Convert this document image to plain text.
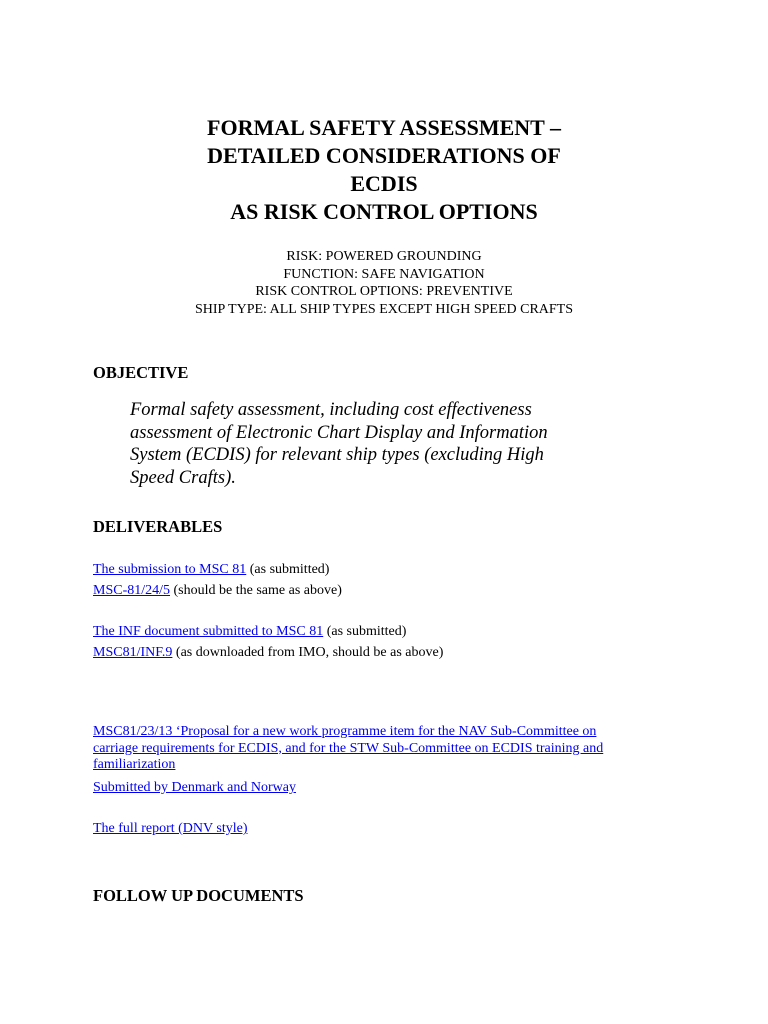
FORMAL SAFETY ASSESSMENT –
DETAILED CONSIDERATIONS OF
ECDIS
AS RISK CONTROL OPTIONS
RISK: POWERED GROUNDING
FUNCTION: SAFE NAVIGATION
RISK CONTROL OPTIONS: PREVENTIVE
SHIP TYPE: ALL SHIP TYPES EXCEPT HIGH SPEED CRAFTS
OBJECTIVE
Formal safety assessment, including cost effectiveness
assessment of Electronic Chart Display and Information
System (ECDIS) for relevant ship types (excluding High
Speed Crafts).
DELIVERABLES
The submission to MSC 81 (as submitted)
MSC-81/24/5 (should be the same as above)
The INF document submitted to MSC 81 (as submitted)
MSC81/INF.9 (as downloaded from IMO, should be as above)
MSC81/23/13 ‘Proposal for a new work programme item for the NAV Sub-Committee on
carriage requirements for ECDIS, and for the STW Sub-Committee on ECDIS training and
familiarization
Submitted by Denmark and Norway
The full report (DNV style)
FOLLOW UP DOCUMENTS
